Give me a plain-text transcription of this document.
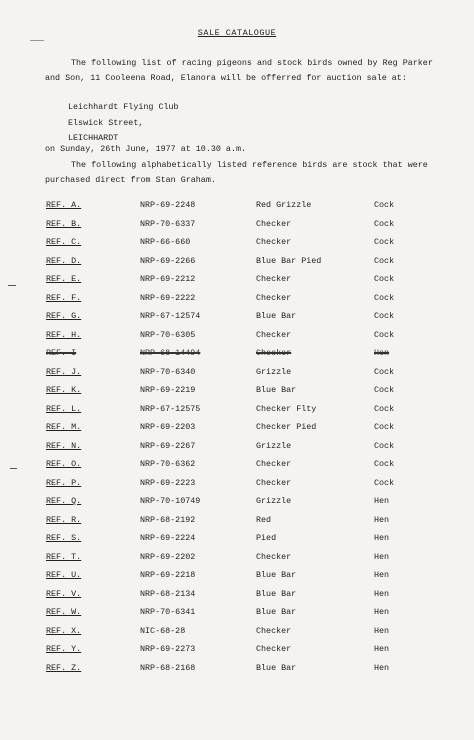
SALE CATALOGUE

The following list of racing pigeons and stock birds owned by Reg Parker and Son, 11 Cooleena Road, Elanora will be offerred for auction sale at:

Leichhardt Flying Club
Elswick Street,
LEICHHARDT
on Sunday, 26th June, 1977 at 10.30 a.m.

The following alphabetically listed reference birds are stock that were purchased direct from Stan Graham.

REF. A.	NRP-69-2248	Red Grizzle	Cock
REF. B.	NRP-70-6337	Checker	Cock
REF. C.	NRP-66-660	Checker	Cock
REF. D.	NRP-69-2266	Blue Bar Pied	Cock
REF. E.	NRP-69-2212	Checker	Cock
REF. F.	NRP-69-2222	Checker	Cock
REF. G.	NRP-67-12574	Blue Bar	Cock
REF. H.	NRP-70-6305	Checker	Cock
REF. I	NRP-68-14494	Checker	Hen
REF. J.	NRP-70-6340	Grizzle	Cock
REF. K.	NRP-69-2219	Blue Bar	Cock
REF. L.	NRP-67-12575	Checker Flty	Cock
REF. M.	NRP-69-2203	Checker Pied	Cock
REF. N.	NRP-69-2267	Grizzle	Cock
REF. O.	NRP-70-6362	Checker	Cock
REF. P.	NRP-69-2223	Checker	Cock
REF. Q.	NRP-70-10749	Grizzle	Hen
REF. R.	NRP-68-2192	Red	Hen
REF. S.	NRP-69-2224	Pied	Hen
REF. T.	NRP-69-2202	Checker	Hen
REF. U.	NRP-69-2218	Blue Bar	Hen
REF. V.	NRP-68-2134	Blue Bar	Hen
REF. W.	NRP-70-6341	Blue Bar	Hen
REF. X.	NIC-68-28	Checker	Hen
REF. Y.	NRP-69-2273	Checker	Hen
REF. Z.	NRP-68-2168	Blue Bar	Hen
